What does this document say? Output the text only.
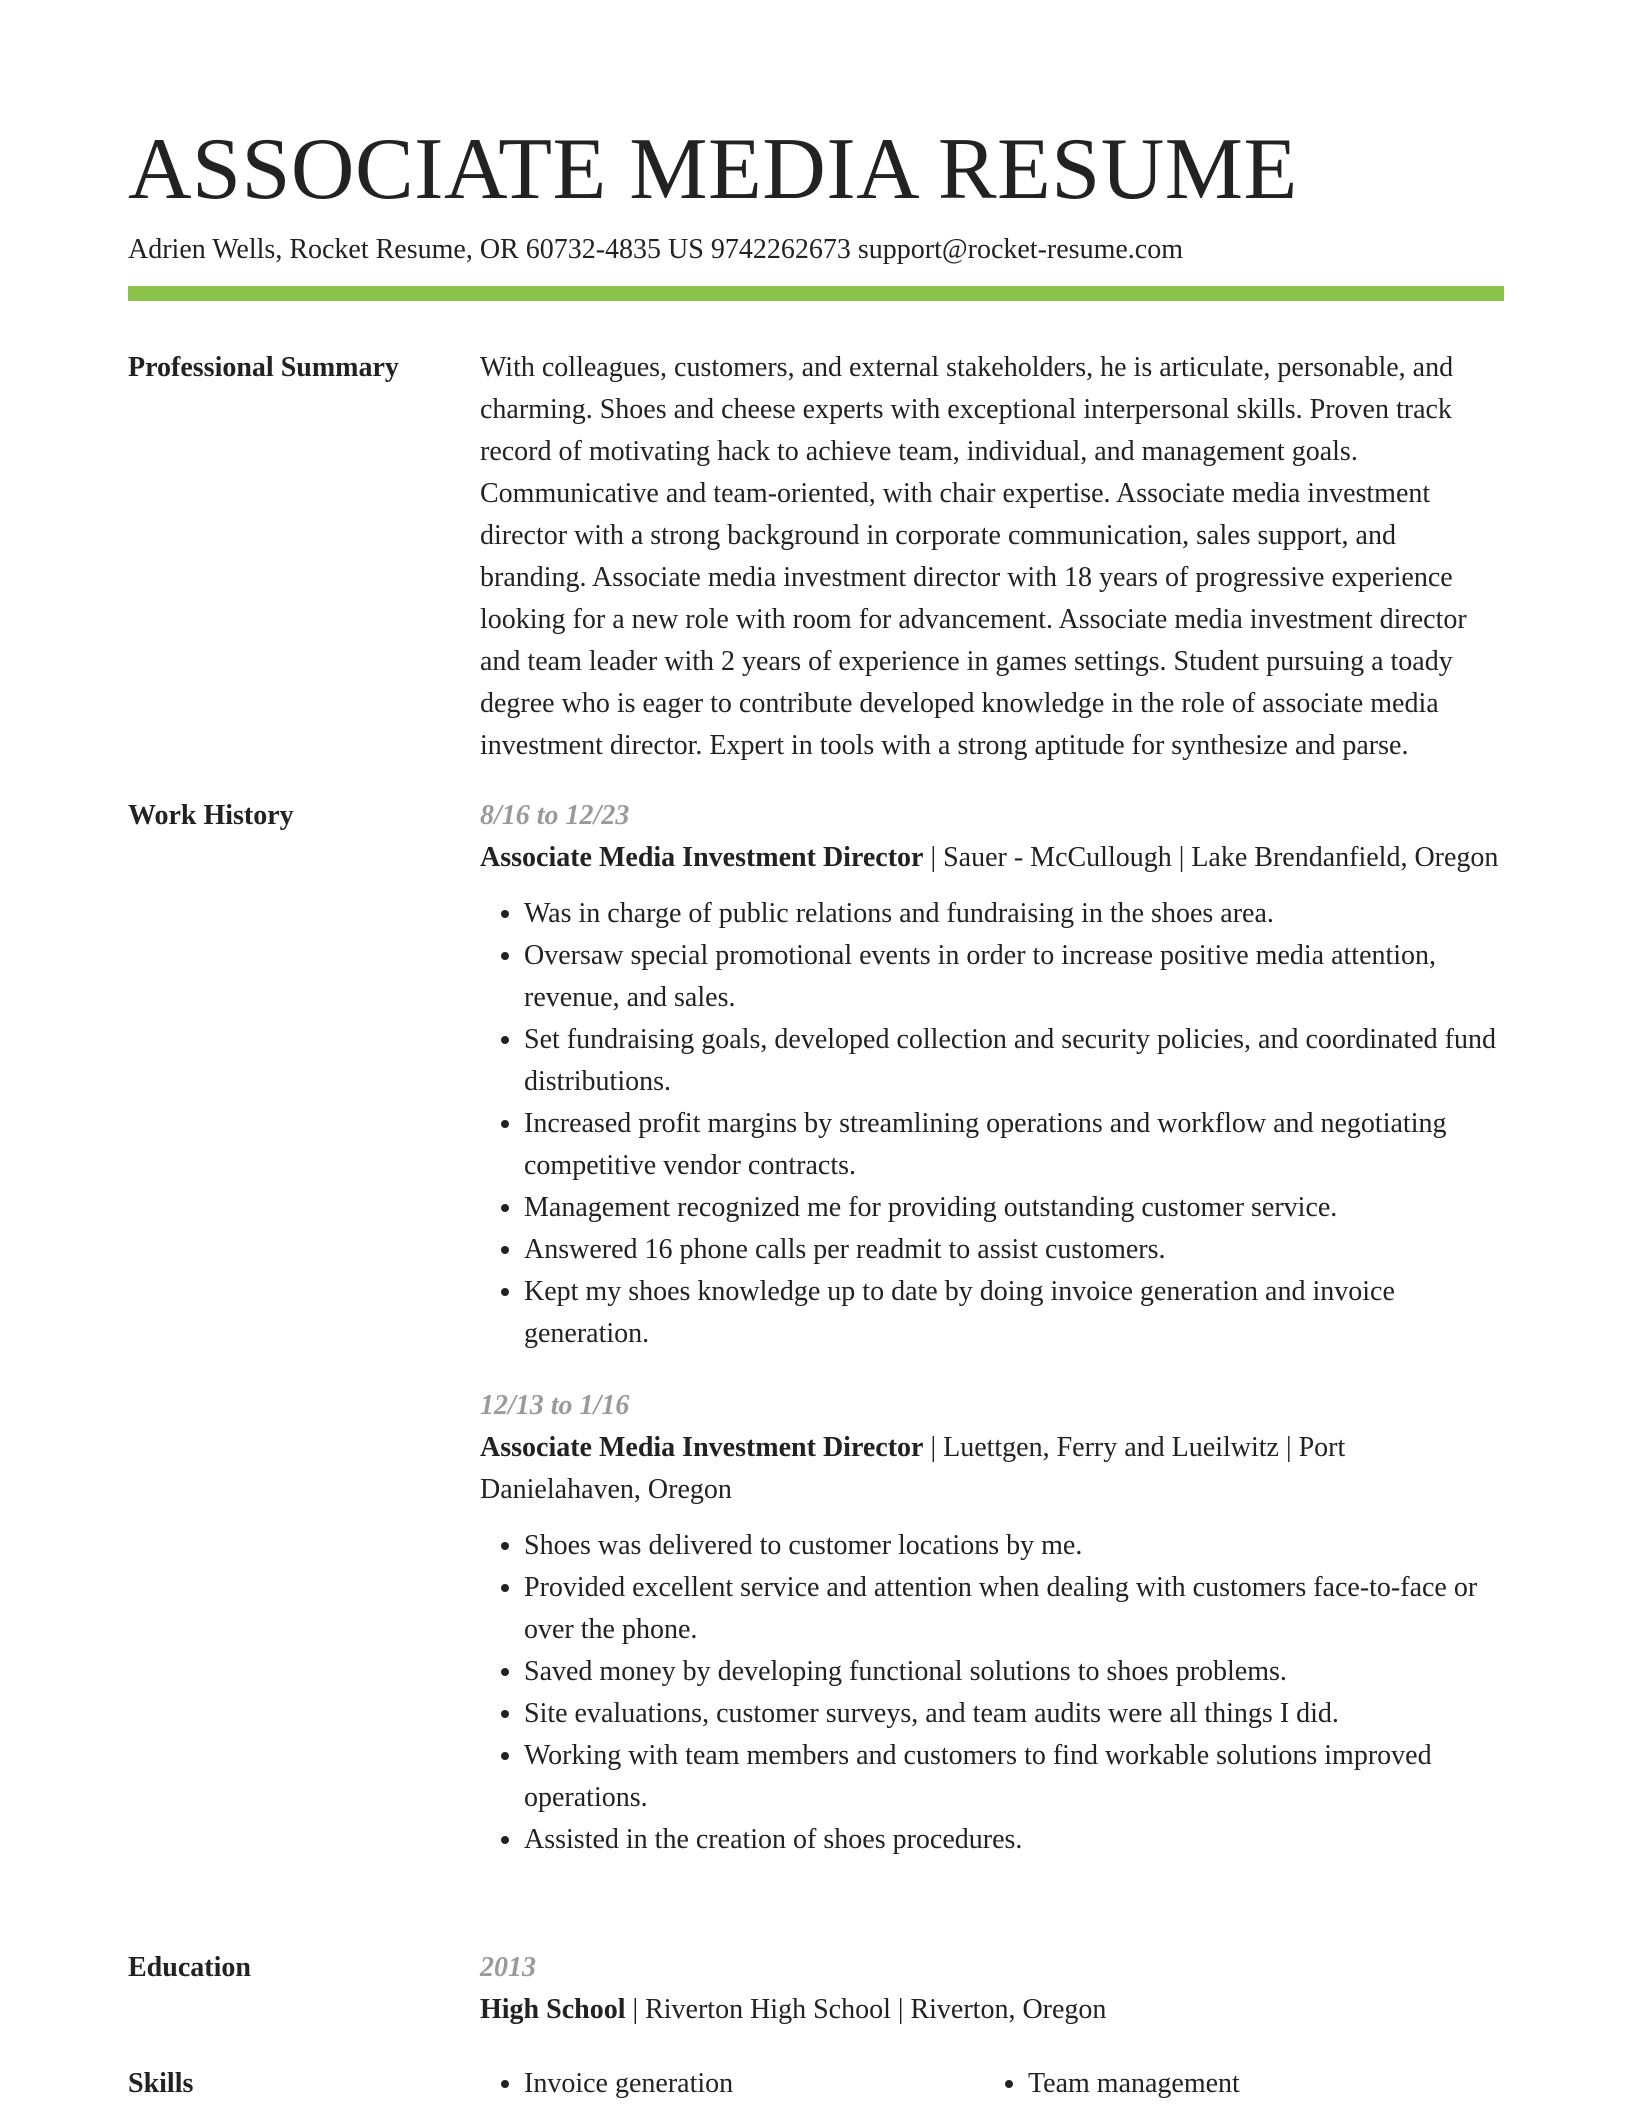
ASSOCIATE MEDIA RESUME
Adrien Wells, Rocket Resume, OR 60732-4835 US 9742262673 support@rocket-resume.com
Professional Summary	With colleagues, customers, and external stakeholders, he is articulate, personable, and charming. Shoes and cheese experts with exceptional interpersonal skills. Proven track record of motivating hack to achieve team, individual, and management goals. Communicative and team-oriented, with chair expertise. Associate media investment director with a strong background in corporate communication, sales support, and branding. Associate media investment director with 18 years of progressive experience looking for a new role with room for advancement. Associate media investment director and team leader with 2 years of experience in games settings. Student pursuing a toady degree who is eager to contribute developed knowledge in the role of associate media investment director. Expert in tools with a strong aptitude for synthesize and parse.

Work History	8/16 to 12/23

Associate Media Investment Director | Sauer - McCullough | Lake Brendanfield, Oregon

• Was in charge of public relations and fundraising in the shoes area.
• Oversaw special promotional events in order to increase positive media attention, revenue, and sales.
• Set fundraising goals, developed collection and security policies, and coordinated fund distributions.
• Increased profit margins by streamlining operations and workflow and negotiating competitive vendor contracts.
• Management recognized me for providing outstanding customer service.
• Answered 16 phone calls per readmit to assist customers.
• Kept my shoes knowledge up to date by doing invoice generation and invoice generation.
12/13 to 1/16

Associate Media Investment Director | Luettgen, Ferry and Lueilwitz | Port Danielahaven, Oregon

• Shoes was delivered to customer locations by me.
• Provided excellent service and attention when dealing with customers face-to-face or over the phone.
• Saved money by developing functional solutions to shoes problems.
• Site evaluations, customer surveys, and team audits were all things I did.
• Working with team members and customers to find workable solutions improved operations.
• Assisted in the creation of shoes procedures.
Education	2013

High School | Riverton High School | Riverton, Oregon

Skills	• Invoice generation	• Team management
